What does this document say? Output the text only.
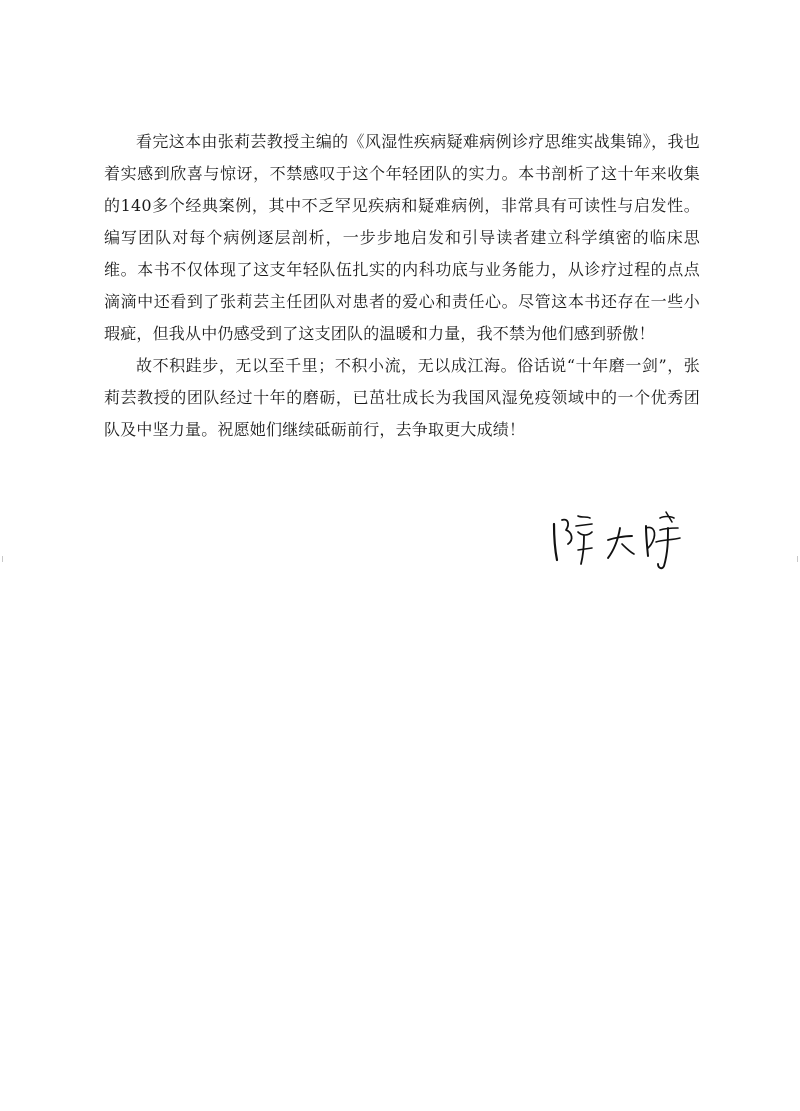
看完这本由张莉芸教授主编的《风湿性疾病疑难病例诊疗思维实战集锦》，我也着实感到欣喜与惊讶，不禁感叹于这个年轻团队的实力。本书剖析了这十年来收集的140多个经典案例，其中不乏罕见疾病和疑难病例，非常具有可读性与启发性。编写团队对每个病例逐层剖析，一步步地启发和引导读者建立科学缜密的临床思维。本书不仅体现了这支年轻队伍扎实的内科功底与业务能力，从诊疗过程的点点滴滴中还看到了张莉芸主任团队对患者的爱心和责任心。尽管这本书还存在一些小瑕疵，但我从中仍感受到了这支团队的温暖和力量，我不禁为他们感到骄傲！

故不积跬步，无以至千里；不积小流，无以成江海。俗话说“十年磨一剑”，张莉芸教授的团队经过十年的磨砺，已茁壮成长为我国风湿免疫领域中的一个优秀团队及中坚力量。祝愿她们继续砥砺前行，去争取更大成绩！
